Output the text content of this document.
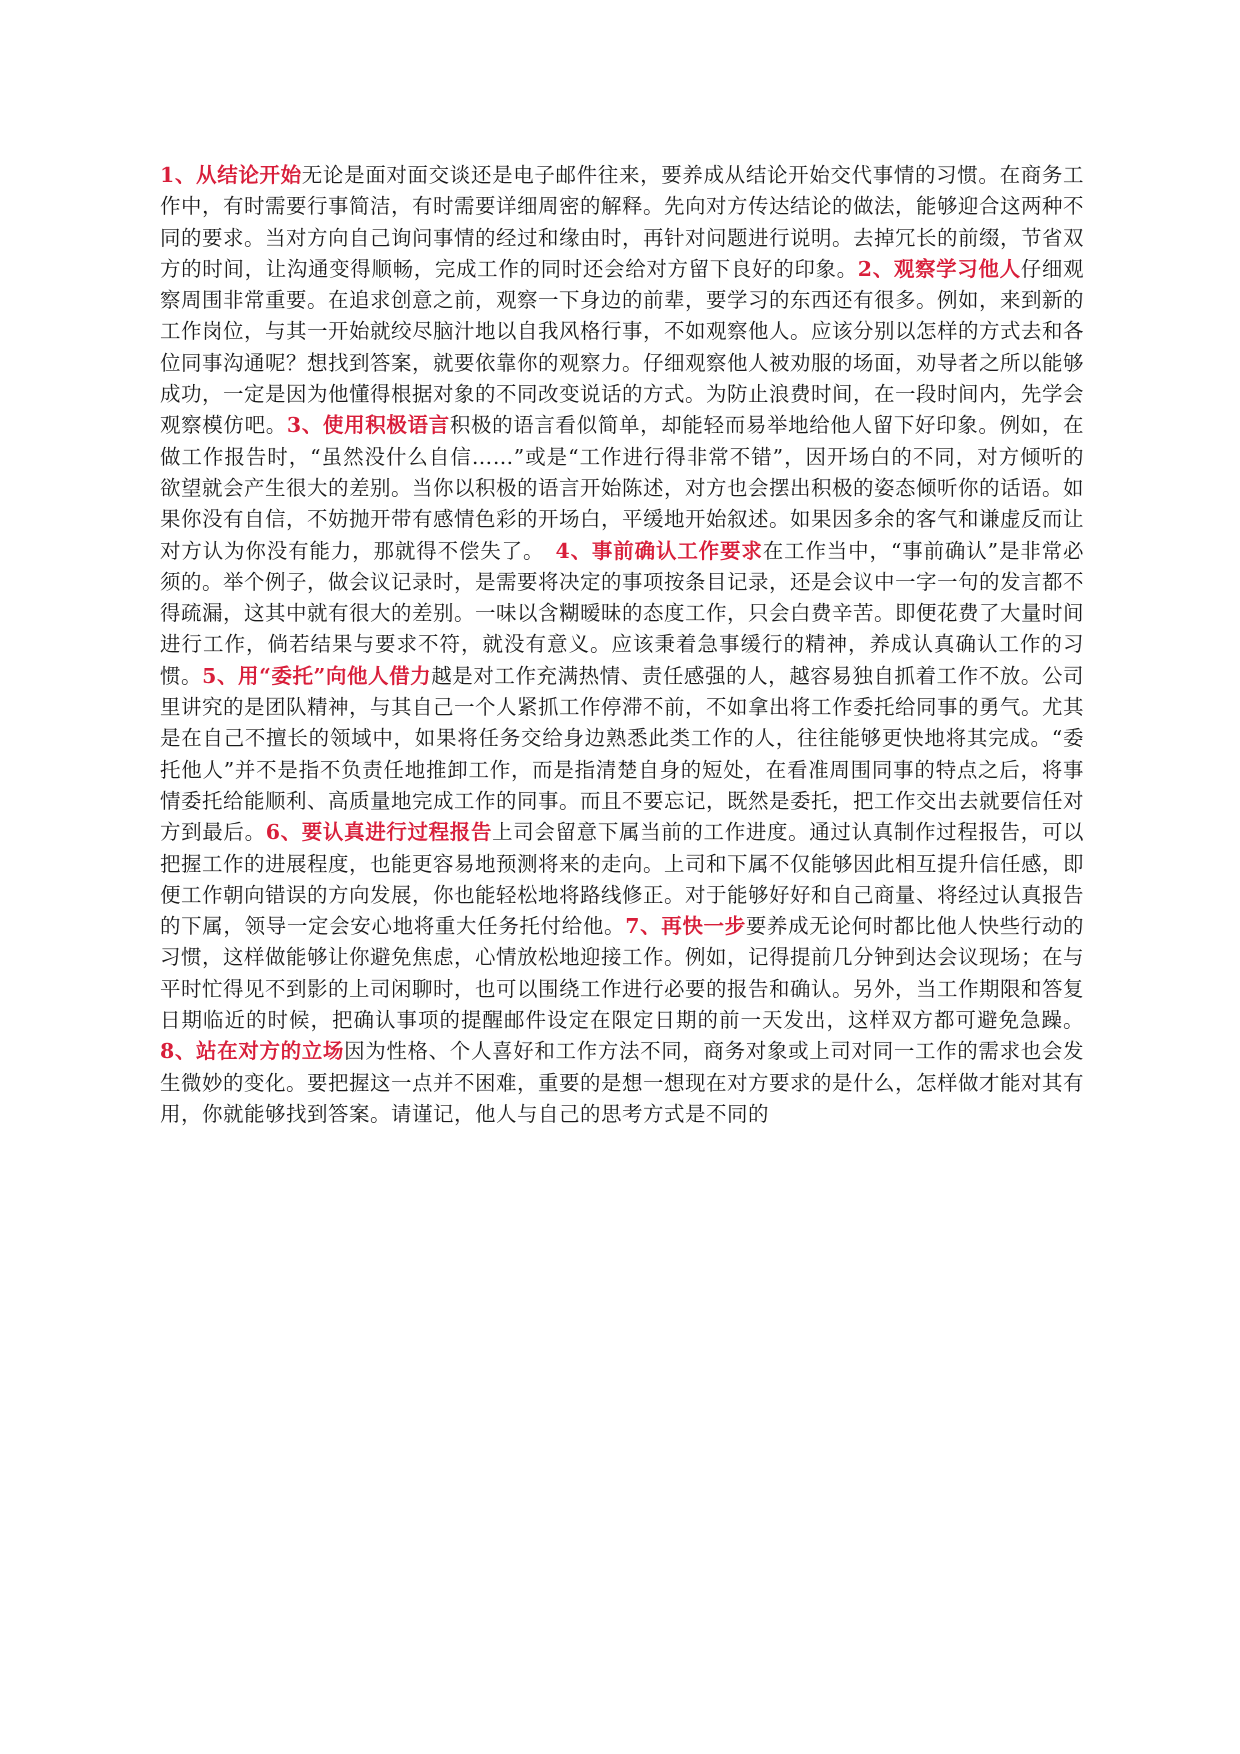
1、从结论开始无论是面对面交谈还是电子邮件往来，要养成从结论开始交代事情的习惯。在商务工作中，有时需要行事简洁，有时需要详细周密的解释。先向对方传达结论的做法，能够迎合这两种不同的要求。当对方向自己询问事情的经过和缘由时，再针对问题进行说明。去掉冗长的前缀，节省双方的时间，让沟通变得顺畅，完成工作的同时还会给对方留下良好的印象。2、观察学习他人仔细观察周围非常重要。在追求创意之前，观察一下身边的前辈，要学习的东西还有很多。例如，来到新的工作岗位，与其一开始就绞尽脑汁地以自我风格行事，不如观察他人。应该分别以怎样的方式去和各位同事沟通呢？想找到答案，就要依靠你的观察力。仔细观察他人被劝服的场面，劝导者之所以能够成功，一定是因为他懂得根据对象的不同改变说话的方式。为防止浪费时间，在一段时间内，先学会观察模仿吧。3、使用积极语言积极的语言看似简单，却能轻而易举地给他人留下好印象。例如，在做工作报告时，“虽然没什么自信……”或是“工作进行得非常不错”，因开场白的不同，对方倾听的欲望就会产生很大的差别。当你以积极的语言开始陈述，对方也会摆出积极的姿态倾听你的话语。如果你没有自信，不妨抛开带有感情色彩的开场白，平缓地开始叙述。如果因多余的客气和谦虚反而让对方认为你没有能力，那就得不偿失了。　4、事前确认工作要求在工作当中，“事前确认”是非常必须的。举个例子，做会议记录时，是需要将决定的事项按条目记录，还是会议中一字一句的发言都不得疏漏，这其中就有很大的差别。一味以含糊暧昧的态度工作，只会白费辛苦。即便花费了大量时间进行工作，倘若结果与要求不符，就没有意义。应该秉着急事缓行的精神，养成认真确认工作的习惯。5、用“委托”向他人借力越是对工作充满热情、责任感强的人，越容易独自抓着工作不放。公司里讲究的是团队精神，与其自己一个人紧抓工作停滞不前，不如拿出将工作委托给同事的勇气。尤其是在自己不擅长的领域中，如果将任务交给身边熟悉此类工作的人，往往能够更快地将其完成。“委托他人”并不是指不负责任地推卸工作，而是指清楚自身的短处，在看准周围同事的特点之后，将事情委托给能顺利、高质量地完成工作的同事。而且不要忘记，既然是委托，把工作交出去就要信任对方到最后。6、要认真进行过程报告上司会留意下属当前的工作进度。通过认真制作过程报告，可以把握工作的进展程度，也能更容易地预测将来的走向。上司和下属不仅能够因此相互提升信任感，即便工作朝向错误的方向发展，你也能轻松地将路线修正。对于能够好好和自己商量、将经过认真报告的下属，领导一定会安心地将重大任务托付给他。7、再快一步要养成无论何时都比他人快些行动的习惯，这样做能够让你避免焦虑，心情放松地迎接工作。例如，记得提前几分钟到达会议现场；在与平时忙得见不到影的上司闲聊时，也可以围绕工作进行必要的报告和确认。另外，当工作期限和答复日期临近的时候，把确认事项的提醒邮件设定在限定日期的前一天发出，这样双方都可避免急躁。8、站在对方的立场因为性格、个人喜好和工作方法不同，商务对象或上司对同一工作的需求也会发生微妙的变化。要把握这一点并不困难，重要的是想一想现在对方要求的是什么，怎样做才能对其有用，你就能够找到答案。请谨记，他人与自己的思考方式是不同的
